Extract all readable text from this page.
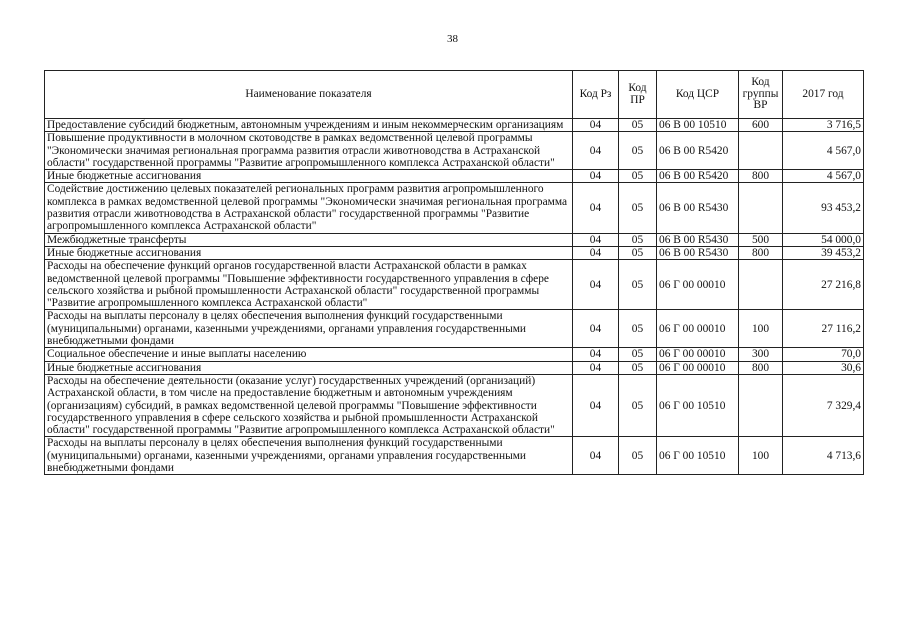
38
Наименование показателя	Код Рз	Код ПР	Код ЦСР	Код группы ВР	2017 год
Предоставление субсидий бюджетным, автономным учреждениям и иным некоммерческим организациям	04	05	06 В 00 10510	600	3 716,5
Повышение продуктивности в молочном скотоводстве в рамках ведомственной целевой программы "Экономически значимая региональная программа развития отрасли животноводства в Астраханской области" государственной программы "Развитие агропромышленного комплекса Астраханской области"	04	05	06 В 00 R5420		4 567,0
Иные бюджетные ассигнования	04	05	06 В 00 R5420	800	4 567,0
Содействие достижению целевых показателей региональных программ развития агропромышленного комплекса в рамках ведомственной целевой программы "Экономически значимая региональная программа развития отрасли животноводства в Астраханской области" государственной программы "Развитие агропромышленного комплекса Астраханской области"	04	05	06 В 00 R5430		93 453,2
Межбюджетные трансферты	04	05	06 В 00 R5430	500	54 000,0
Иные бюджетные ассигнования	04	05	06 В 00 R5430	800	39 453,2
Расходы на обеспечение функций органов государственной власти Астраханской области в рамках ведомственной целевой программы "Повышение эффективности государственного управления в сфере сельского хозяйства и рыбной промышленности Астраханской области" государственной программы "Развитие агропромышленного комплекса Астраханской области"	04	05	06 Г 00 00010		27 216,8
Расходы на выплаты персоналу в целях обеспечения выполнения функций государственными (муниципальными) органами, казенными учреждениями, органами управления государственными внебюджетными фондами	04	05	06 Г 00 00010	100	27 116,2
Социальное обеспечение и иные выплаты населению	04	05	06 Г 00 00010	300	70,0
Иные бюджетные ассигнования	04	05	06 Г 00 00010	800	30,6
Расходы на обеспечение деятельности (оказание услуг) государственных учреждений (организаций) Астраханской области, в том числе на предоставление бюджетным и автономным учреждениям (организациям) субсидий, в рамках ведомственной целевой программы "Повышение эффективности государственного управления в сфере сельского хозяйства и рыбной промышленности Астраханской области" государственной программы "Развитие агропромышленного комплекса Астраханской области"	04	05	06 Г 00 10510		7 329,4
Расходы на выплаты персоналу в целях обеспечения выполнения функций государственными (муниципальными) органами, казенными учреждениями, органами управления государственными внебюджетными фондами	04	05	06 Г 00 10510	100	4 713,6
